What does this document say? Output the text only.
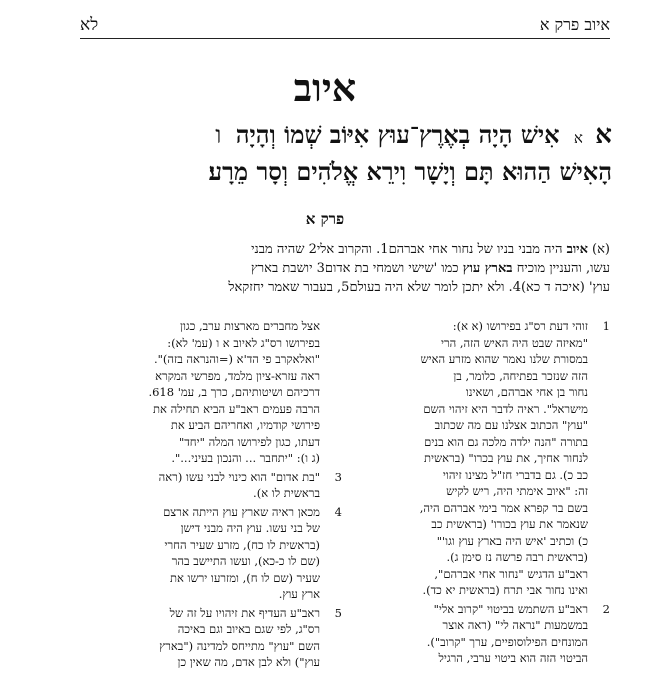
איוב פרק א
לא
איוב
א א אִישׁ הָיָה בְאֶרֶץ־עוּץ אִיּוֹב שְׁמוֹ וְהָיָה ו
הָאִישׁ הַהוּא תָּם וְיָשָׁר וִירֵא אֱלֹהִים וְסָר מֵרָע׃
פרק א
(א) איוב היה מבני בניו של נחור אחי אברהם1. והקרוב אלי2 שהיה מבני
עשו, והעניין מוכיח בארץ עוץ כמו 'שישי ושמחי בת אדום3 יושבת בארץ
עוץ' (איכה ד כא)4. ולא יתכן לומר שלא היה בעולם5, בעבור שאמר יחזקאל
1
זוהי דעת רס"ג בפירושו (א א):
"מאיזה שבט היה האיש הזה, הרי
במסורת שלנו נאמר שהוא מזרע האיש
הזה שנזכר בפתיחה, כלומר, בן
נחור בן אחי אברהם, ושאינו
מישראל". ראיה לדבר היא זיהוי השם
"עוץ" הכתוב אצלנו עם מה שכתוב
בתורה "הנה ילדה מלכה גם הוא בנים
לנחור אחיך, את עוץ בכרו" (בראשית
כב כ). גם בדברי חז"ל מצינו זיהוי
זה: "איוב אימתי היה, ריש לקיש
בשם בר קפרא אמר בימי אברהם היה,
שנאמר את עוץ בכורו' (בראשית כב
כ) וכתיב 'איש היה בארץ עוץ וגו'"
(בראשית רבה פרשה נז סימן ג).
ראב"ע הדגיש "נחור אחי אברהם",
ואינו נחור אבי תרח (בראשית יא כד).
2
ראב"ע השתמש בביטוי "קרוב אלי"
במשמעות "נראה לי" (ראה אוצר
המונחים הפילוסופיים, ערך "קרוב").
הביטוי הזה הוא ביטוי ערבי, הרגיל
אצל מחברים מארצות ערב, כגון
בפירושו רס"ג לאיוב א ו (עמ' לא):
"ואלאקרב פי הד'א (=והנראה בזה)".
ראה עזרא-ציון מלמד, מפרשי המקרא
דרכיהם ושיטותיהם, כרך ב, עמ' 618.
הרבה פעמים ראב"ע הביא תחילה את
פירושי קודמיו, ואחריהם הביע את
דעתו, כגון לפירושו המלה "יחד"
(ג ו): "יתחבר ... והנכון בעיני...".
3
"בת אדום" הוא כינוי לבני עשו (ראה
בראשית לו א).
4
מכאן ראיה שארץ עוץ הייתה ארצם
של בני עשו. עוץ היה מבני דישן
(בראשית לו כח), מזרע שעיר החרי
(שם לו כ-כא), ועשו התיישב בהר
שעיר (שם לו ח), ומזרעו ירשו את
ארץ עוץ.
5
ראב"ע העדיף את זיהויו על זה של
רס"ג, לפי שגם באיוב וגם באיכה
השם "עוץ" מתייחס למדינה ("בארץ
עוץ") ולא לבן אדם, מה שאין כן
